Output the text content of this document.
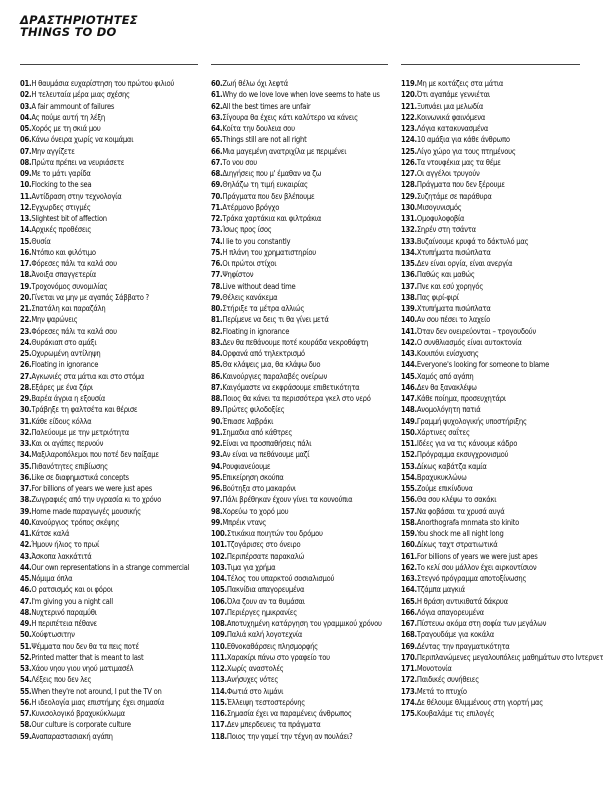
ΔΡΑΣΤΗΡΙΟΤΗΤΕΣ
THINGS TO DO
01.Η θαυμάσια ευχαρίστηση του πρώτου φιλιού
02.Η τελευταία μέρα μιας σχέσης
03.A fair ammount of failures
04.Ας πούμε αυτή τη λέξη
05.Χορός με τη σκιά μου
06.Κάνω όνειρα χωρίς να κοιμάμαι
07.Μην αγγίζετε
08.Πρώτα πρέπει να νευριάσετε
09.Με το μάτι γαρίδα
10.Flocking to the sea
11.Αντίδραση στην τεχνολογία
12.Εγχωρδες στιγμές
13.Slightest bit of affection
14.Αρχικές προθέσεις
15.Θυσία
16.Ντόπιο και φιλότιμο
17.Φόρεσες πάλι τα καλά σου
18.Άνοιξα σπαγγετερία
19.Τροχονόμος συνομιλίας
20.Γίνεται να μην με αγαπάς Σάββατο ?
21.Σπατάλη και παραζάλη
22.Μην ψαρώνεις
23.Φόρεσες πάλι τα καλά σου
24.Θυράκιαπ στο αμάξι
25.Οχυρωμένη αντίληψη
26.Floating in ignorance
27.Αγκωνιές στα μάτια και στο στόμα
28.Εξάρες με ένα ζάρι
29.Βαρέα άγρια η εξουσία
30.Τράβηξε τη φαλτσέτα και θέρισε
31.Κάθε είδους κόλλα
32.Παλεύουμε με την μετριότητα
33.Και οι αγάπες περνούν
34.Μαξιλαροπόλεμοι που ποτέ δεν παίξαμε
35.Πιθανότητες επιβίωσης
36.Like σε διαφημιστικά concepts
37.For billions of years we were just apes
38.Ζωγραφιές από την υγρασία κι το χρόνο
39.Home made παραγωγές μουσικής
40.Κανούργιος τρόπος σκέψης
41.Κάτσε καλά
42.Ήμουν ήλιος το πρωί
43.Άσκοπα λακκάτιτά
44.Our own representations in a strange commercial
45.Νόμιμα όπλα
46.Ο ρατσισμός και οι φόροι
47.I'm giving you a night call
48.Νυχτερινό παραμύθι
49.Η περιπέτεια πέθανε
50.Χούφτωσιτην
51.Ψέμματα που δεν θα τα πεις ποτέ
52.Printed matter that is meant to last
53.Χάου νηου γιου νηού ματιμασέλ
54.Λέξεις που δεν λες
55.When they're not around, I put the TV on
56.Η ιδεολογία μιας επιστήμης έχει σημασία
57.Κυνισολογικό βραχυκύκλωμα
58.Our culture is corporate culture
59.Αναπαραστασιακή αγάπη
60.Ζωή θέλω όχι λεφτά
61.Why do we love love when love seems to hate us
62.All the best times are unfair
63.Σίγουρα θα έχεις κάτι καλύτερο να κάνεις
64.Κοίτα την δουλεια σου
65.Things still are not all right
66.Μια μαγεμένη ανατριχίλα με περιμένει
67.Το νου σου
68.Διηγήσεις που μ' έμαθαν να ζω
69.Θηλάζω τη τιμή ευκαιρίας
70.Πράγματα που δεν βλέπουμε
71.Ατέρμονο βρόγχο
72.Τράκα χαρτάκια και φιλτράκια
73.Ίσως προς ίσος
74.I lie to you constantly
75.Η πλάνη του χρηματιστηρίου
76.Οι πρώτοι στίχοι
77.Ψηφίστον
78.Live without dead time
79.Θέλεις κανάκεμα
80.Στήριξε τα μέτρα αλλιώς
81.Περίμενε να δεις τι θα γίνει μετά
82.Floating in ignorance
83.Δεν θα πεθάνουμε ποτέ κουράδα νεκροθάφτη
84.Ορφανά από τηλεκτρισμό
85.Θα κλάψεις μια, θα κλάψω δυο
86.Καινούργιες παραλαβές ονείρων
87.Καιγόμαστε να εκφράσουμε επιθετικότητα
88.Ποιος θα κάνει τα περισσότερα γκελ στο νερό
89.Πρώτες φιλοδοξίες
90.Έπιασε λαβράκι
91.Σημαδια από κάθτρες
92.Είναι να προσπαθήσεις πάλι
93.Αν είναι να πεθάνουμε μαζί
94.Ρουφιανεύουμε
95.Επικείρηση σκούπα
96.Βούτηξα στο μακαρόνι
97.Πάλι βρέθηκαν έχουν γίνει τα κουνούπια
98.Χορεύω το χορό μου
99.Μπρέικ ντανς
100.Στικάκια ποιητών του δρόμου
101.Τζογάρισες στο όνειρο
102.Περιπέρσατε παρακαλώ
103.Τιμα για χρήμα
104.Τέλος του υπαρκτού σοσιαλισμού
105.Πακνίδια απαγορευμένα
106.Όλα ζουν αν τα θυμάσαι
107.Περιέργες ημικρανίες
108.Αποτυχημένη κατάργηση του γραμμικού χρόνου
109.Παλιά καλή λογοτεχνία
110.Εθνοκαθάρσεις πλησμορφής
111.Χαρακίρι πάνω στο γραφείο του
112.Χωρίς αναστολές
113.Ανήσυχες νότες
114.Φωτιά στο λιμάνι
115.Έλλειψη τεστοστερόνης
116.Σημασία έχει να παραμένεις άνθρωπος
117.Δεν μπερδευεις τα πράγματα
118.Ποιος την γαμεί την τέχνη αν πουλάει?
119.Μη με κοιτάζεις στα μάτια
120.Ότι αγαπάμε γεννιέται
121.Ξυπνάει μια μελωδία
122.Κοινωνικά φαινόμενα
123.Λόγια κατακυνασμένα
124.10 αμάξια για κάθε άνθρωπο
125.Λίγο χώρο για τους πτημένους
126.Τα ντουφέκια μας τα θέμε
127.Οι αγγέλοι τρυγούν
128.Πράγματα που δεν ξέρουμε
129.Συζητάμε σε παράθυρα
130.Μισογυνισμός
131.Ομοφυλοφοβία
132.Σηρέν στη τσάντα
133.Βυζαίνουμε κρυφά το δάκτυλό μας
134.Χτυπήματα πισώπλατα
135.Δεν είναι οργία, είναι ανεργία
136.Παθώς και μαθώς
137.Πνε και εσύ χορηγός
138.Πας φιρί-φιρί
139.Χτυπήματα πισώπλατα
140.Αν σου πέσει το λαχείο
141.Όταν δεν ονειρεύονται – τρογουδούν
142.Ο συνθλιασμός είναι αυτοκτονία
143.Κουιπόνι ενίσχυσης
144.Everyone's looking for someone to blame
145.Χαμός από αγάπη
146.Δεν θα ξανακλέψω
147.Κάθε ποίημα, προσευχητάρι
148.Ανομολόγητη πατιά
149.Γραμμή ψυχολογικής υποστήριξης
150.Χάρτινες σαΐτες
151.Ιδέες για να τις κάνουμε κάδρο
152.Πρόγραμμα εκσυγχρονισμού
153.Δίκως καβάτζα καμία
154.Βραχυκυκλώνω
155.Ζούμε επικίνδυνα
156.Θα σου κλέψω το σακάκι
157.Να φοβάσαι τα χρυσά αυγά
158.Anorthografa mnmata sto kinito
159.You shock me all night long
160.Δίκως ταχτ στρατιωτικά
161.For billions of years we were just apes
162.Το κελί σου μάλλον έχει αιρκοντίσιον
163.Στεγνό πρόγραμμα αποτοξίνωσης
164.Τζάμπα μαγκιά
165.Η θράση αντικιθατά δάκρυα
166.Λόγια απαγορευμένα
167.Πίστευω ακόμα στη σοφία των μεγάλων
168.Τραγουδάμε για κοκάλα
169.Δέντας την πραγματικότητα
170.Περιπλανώμενες μεγαλουπόλεις μαθημάτων στο Ιντερνετ
171.Μονοτονία
172.Παιδικές συνήθειες
173.Μετά το πτυχίο
174.Δε θέλουμε θλιμμένους στη γιορτή μας
175.Κουβαλάμε τις επιλογές
